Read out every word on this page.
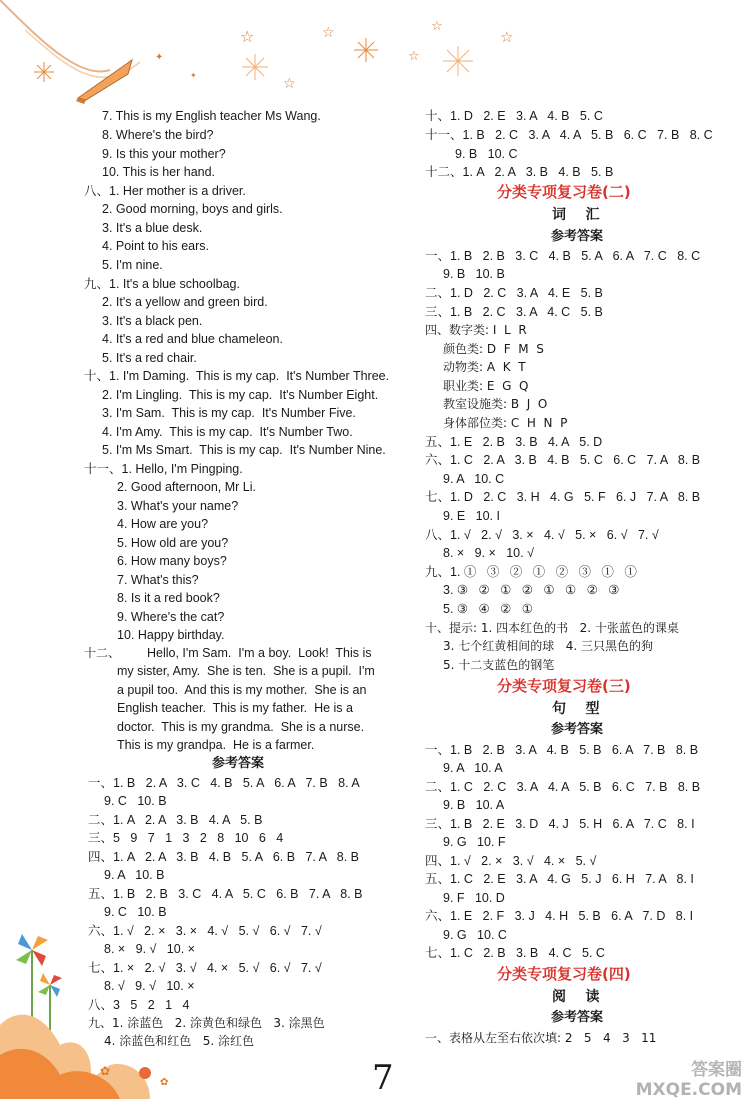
☆	☆
☆
☆
☆
☆
✦
✦
✿
✿
7. This is my English teacher Ms Wang.
8. Where's the bird?
9. Is this your mother?
10. This is her hand.
八、1. Her mother is a driver.
2. Good morning, boys and girls.
3. It's a blue desk.
4. Point to his ears.
5. I'm nine.
九、1. It's a blue schoolbag.
2. It's a yellow and green bird.
3. It's a black pen.
4. It's a red and blue chameleon.
5. It's a red chair.
十、1. I'm Daming.  This is my cap.  It's Number Three.
2. I'm Lingling.  This is my cap.  It's Number Eight.
3. I'm Sam.  This is my cap.  It's Number Five.
4. I'm Amy.  This is my cap.  It's Number Two.
5. I'm Ms Smart.  This is my cap.  It's Number Nine.
十一、1. Hello, I'm Pingping.
2. Good afternoon, Mr Li.
3. What's your name?
4. How are you?
5. How old are you?
6. How many boys?
7. What's this?
8. Is it a red book?
9. Where's the cat?
10. Happy birthday.
十二、 Hello, I'm Sam.  I'm a boy.  Look!  This is
my sister, Amy.  She is ten.  She is a pupil.  I'm
a pupil too.  And this is my mother.  She is an
English teacher.  This is my father.  He is a
doctor.  This is my grandma.  She is a nurse.
This is my grandpa.  He is a farmer.
参考答案
一、1. B   2. A   3. C   4. B   5. A   6. A   7. B   8. A
9. C   10. B
二、1. A   2. A   3. B   4. A   5. B
三、5   9   7   1   3   2   8   10   6   4
四、1. A   2. A   3. B   4. B   5. A   6. B   7. A   8. B
9. A   10. B
五、1. B   2. B   3. C   4. A   5. C   6. B   7. A   8. B
9. C   10. B
六、1. √   2. ×   3. ×   4. √   5. √   6. √   7. √
8. ×   9. √   10. ×
七、1. ×   2. √   3. √   4. ×   5. √   6. √   7. √
8. √   9. √   10. ×
八、3   5   2   1   4
九、1. 涂蓝色   2. 涂黄色和绿色   3. 涂黑色
4. 涂蓝色和红色   5. 涂红色
十、1. D   2. E   3. A   4. B   5. C
十一、1. B   2. C   3. A   4. A   5. B   6. C   7. B   8. C
9. B   10. C
十二、1. A   2. A   3. B   4. B   5. B
分类专项复习卷(二)
词    汇
参考答案
一、1. B   2. B   3. C   4. B   5. A   6. A   7. C   8. C
9. B   10. B
二、1. D   2. C   3. A   4. E   5. B
三、1. B   2. C   3. A   4. C   5. B
四、数字类: I  L  R
颜色类: D  F  M  S
动物类: A  K  T
职业类: E  G  Q
教室设施类: B  J  O
身体部位类: C  H  N  P
五、1. E   2. B   3. B   4. A   5. D
六、1. C   2. A   3. B   4. B   5. C   6. C   7. A   8. B
9. A   10. C
七、1. D   2. C   3. H   4. G   5. F   6. J   7. A   8. B
9. E   10. I
八、1. √   2. √   3. ×   4. √   5. ×   6. √   7. √
8. ×   9. ×   10. √
九、1. ①   ③   ②   ①   ②   ③   ①   ①
3. ③   ②   ①   ②   ①   ①   ②   ③
5. ③   ④   ②   ①
十、提示: 1. 四本红色的书   2. 十张蓝色的课桌
3. 七个红黄相间的球   4. 三只黑色的狗
5. 十二支蓝色的钢笔
分类专项复习卷(三)
句    型
参考答案
一、1. B   2. B   3. A   4. B   5. B   6. A   7. B   8. B
9. A   10. A
二、1. C   2. C   3. A   4. A   5. B   6. C   7. B   8. B
9. B   10. A
三、1. B   2. E   3. D   4. J   5. H   6. A   7. C   8. I
9. G   10. F
四、1. √   2. ×   3. √   4. ×   5. √
五、1. C   2. E   3. A   4. G   5. J   6. H   7. A   8. I
9. F   10. D
六、1. E   2. F   3. J   4. H   5. B   6. A   7. D   8. I
9. G   10. C
七、1. C   2. B   3. B   4. C   5. C
分类专项复习卷(四)
阅    读
参考答案
一、表格从左至右依次填: 2   5   4   3   11
7	答案圈 MXQE.COM
